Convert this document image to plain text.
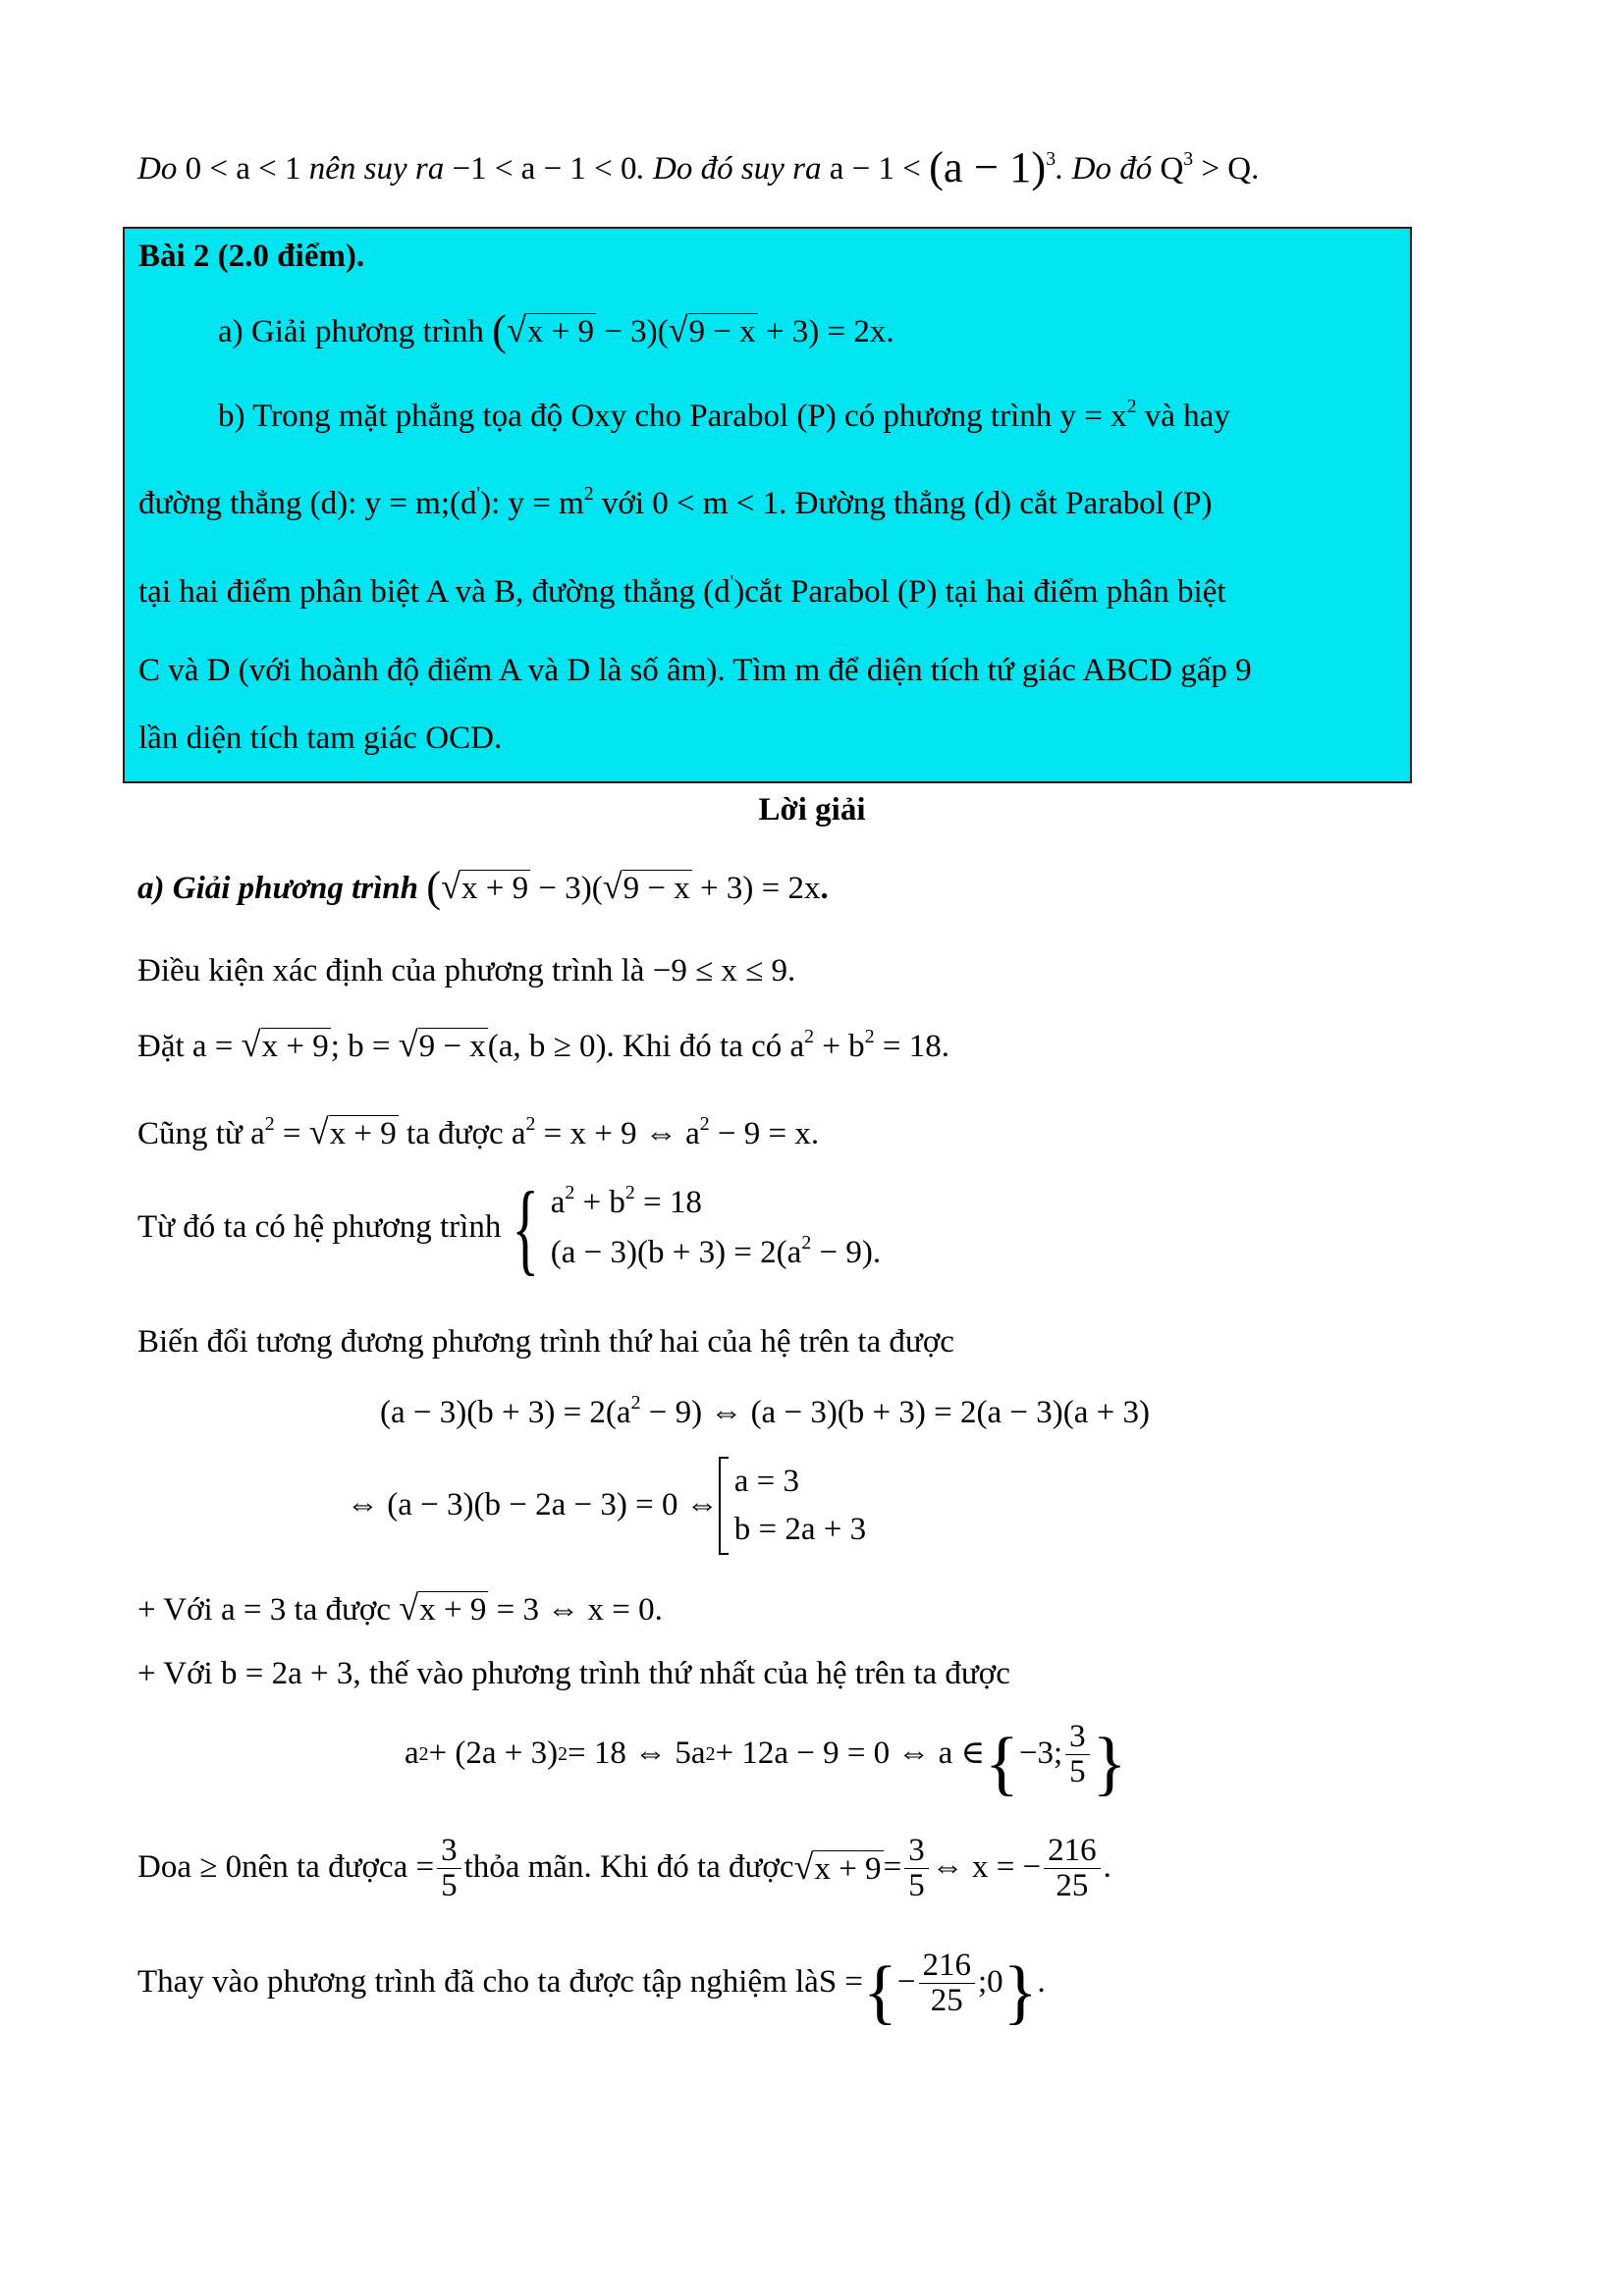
Do 0 < a < 1 nên suy ra −1 < a − 1 < 0. Do đó suy ra $a - 1 < (a - 1)^3$. Do đó $Q^3 > Q$.
Bài 2 (2.0 điểm).
a) Giải phương trình (√x + 9 − 3)(√9 − x + 3) = 2x.
b) Trong mặt phẳng tọa độ Oxy cho Parabol (P) có phương trình $y = x^2$ và hay
đường thẳng (d): y = m;(d'): $y = m^2$ với 0 < m < 1. Đường thẳng (d) cắt Parabol (P)
tại hai điểm phân biệt A và B, đường thẳng (d')cắt Parabol (P) tại hai điểm phân biệt
C và D (với hoành độ điểm A và D là số âm). Tìm m để diện tích tứ giác ABCD gấp 9
lần diện tích tam giác OCD.
Lời giải
a) Giải phương trình (√x + 9 − 3)(√9 − x + 3) = 2x.
Điều kiện xác định của phương trình là −9 ≤ x ≤ 9.
Đặt a = √x + 9; b = √9 − x(a, b ≥ 0). Khi đó ta có $a^2 + b^2 = 18$.
Cũng từ $a^2 = √x + 9$ ta được $a^2 = x + 9$ ⇔ $a^2 - 9 = x$.
Từ đó ta có hệ phương trình { $a^2 + b^2 = 18$
$(a - 3)(b + 3) = 2(a^2 - 9)$.
Biến đổi tương đương phương trình thứ hai của hệ trên ta được
$(a - 3)(b + 3) = 2(a^2 - 9)$ ⇔ (a − 3)(b + 3) = 2(a − 3)(a + 3)
⇔ (a − 3)(b − 2a − 3) = 0 ⇔
a = 3
b = 2a + 3
+ Với a = 3 ta được √x + 9 = 3 ⇔ x = 0.
+ Với b = 2a + 3, thế vào phương trình thứ nhất của hệ trên ta được
a 2 + (2a + 3) 2 = 18 ⇔ 5a 2 + 12a − 9 = 0 ⇔ a ∈ { −3; $\frac{3}{5}$ }
Do a ≥ 0 nên ta được $a = \frac{3}{5}$ thỏa mãn. Khi đó ta được $√x + 9 = \frac{3}{5}$ ⇔ x = − $\frac{216}{25}$ .
Thay vào phương trình đã cho ta được tập nghiệm là S = { − $\frac{216}{25}$ ;0 } .
